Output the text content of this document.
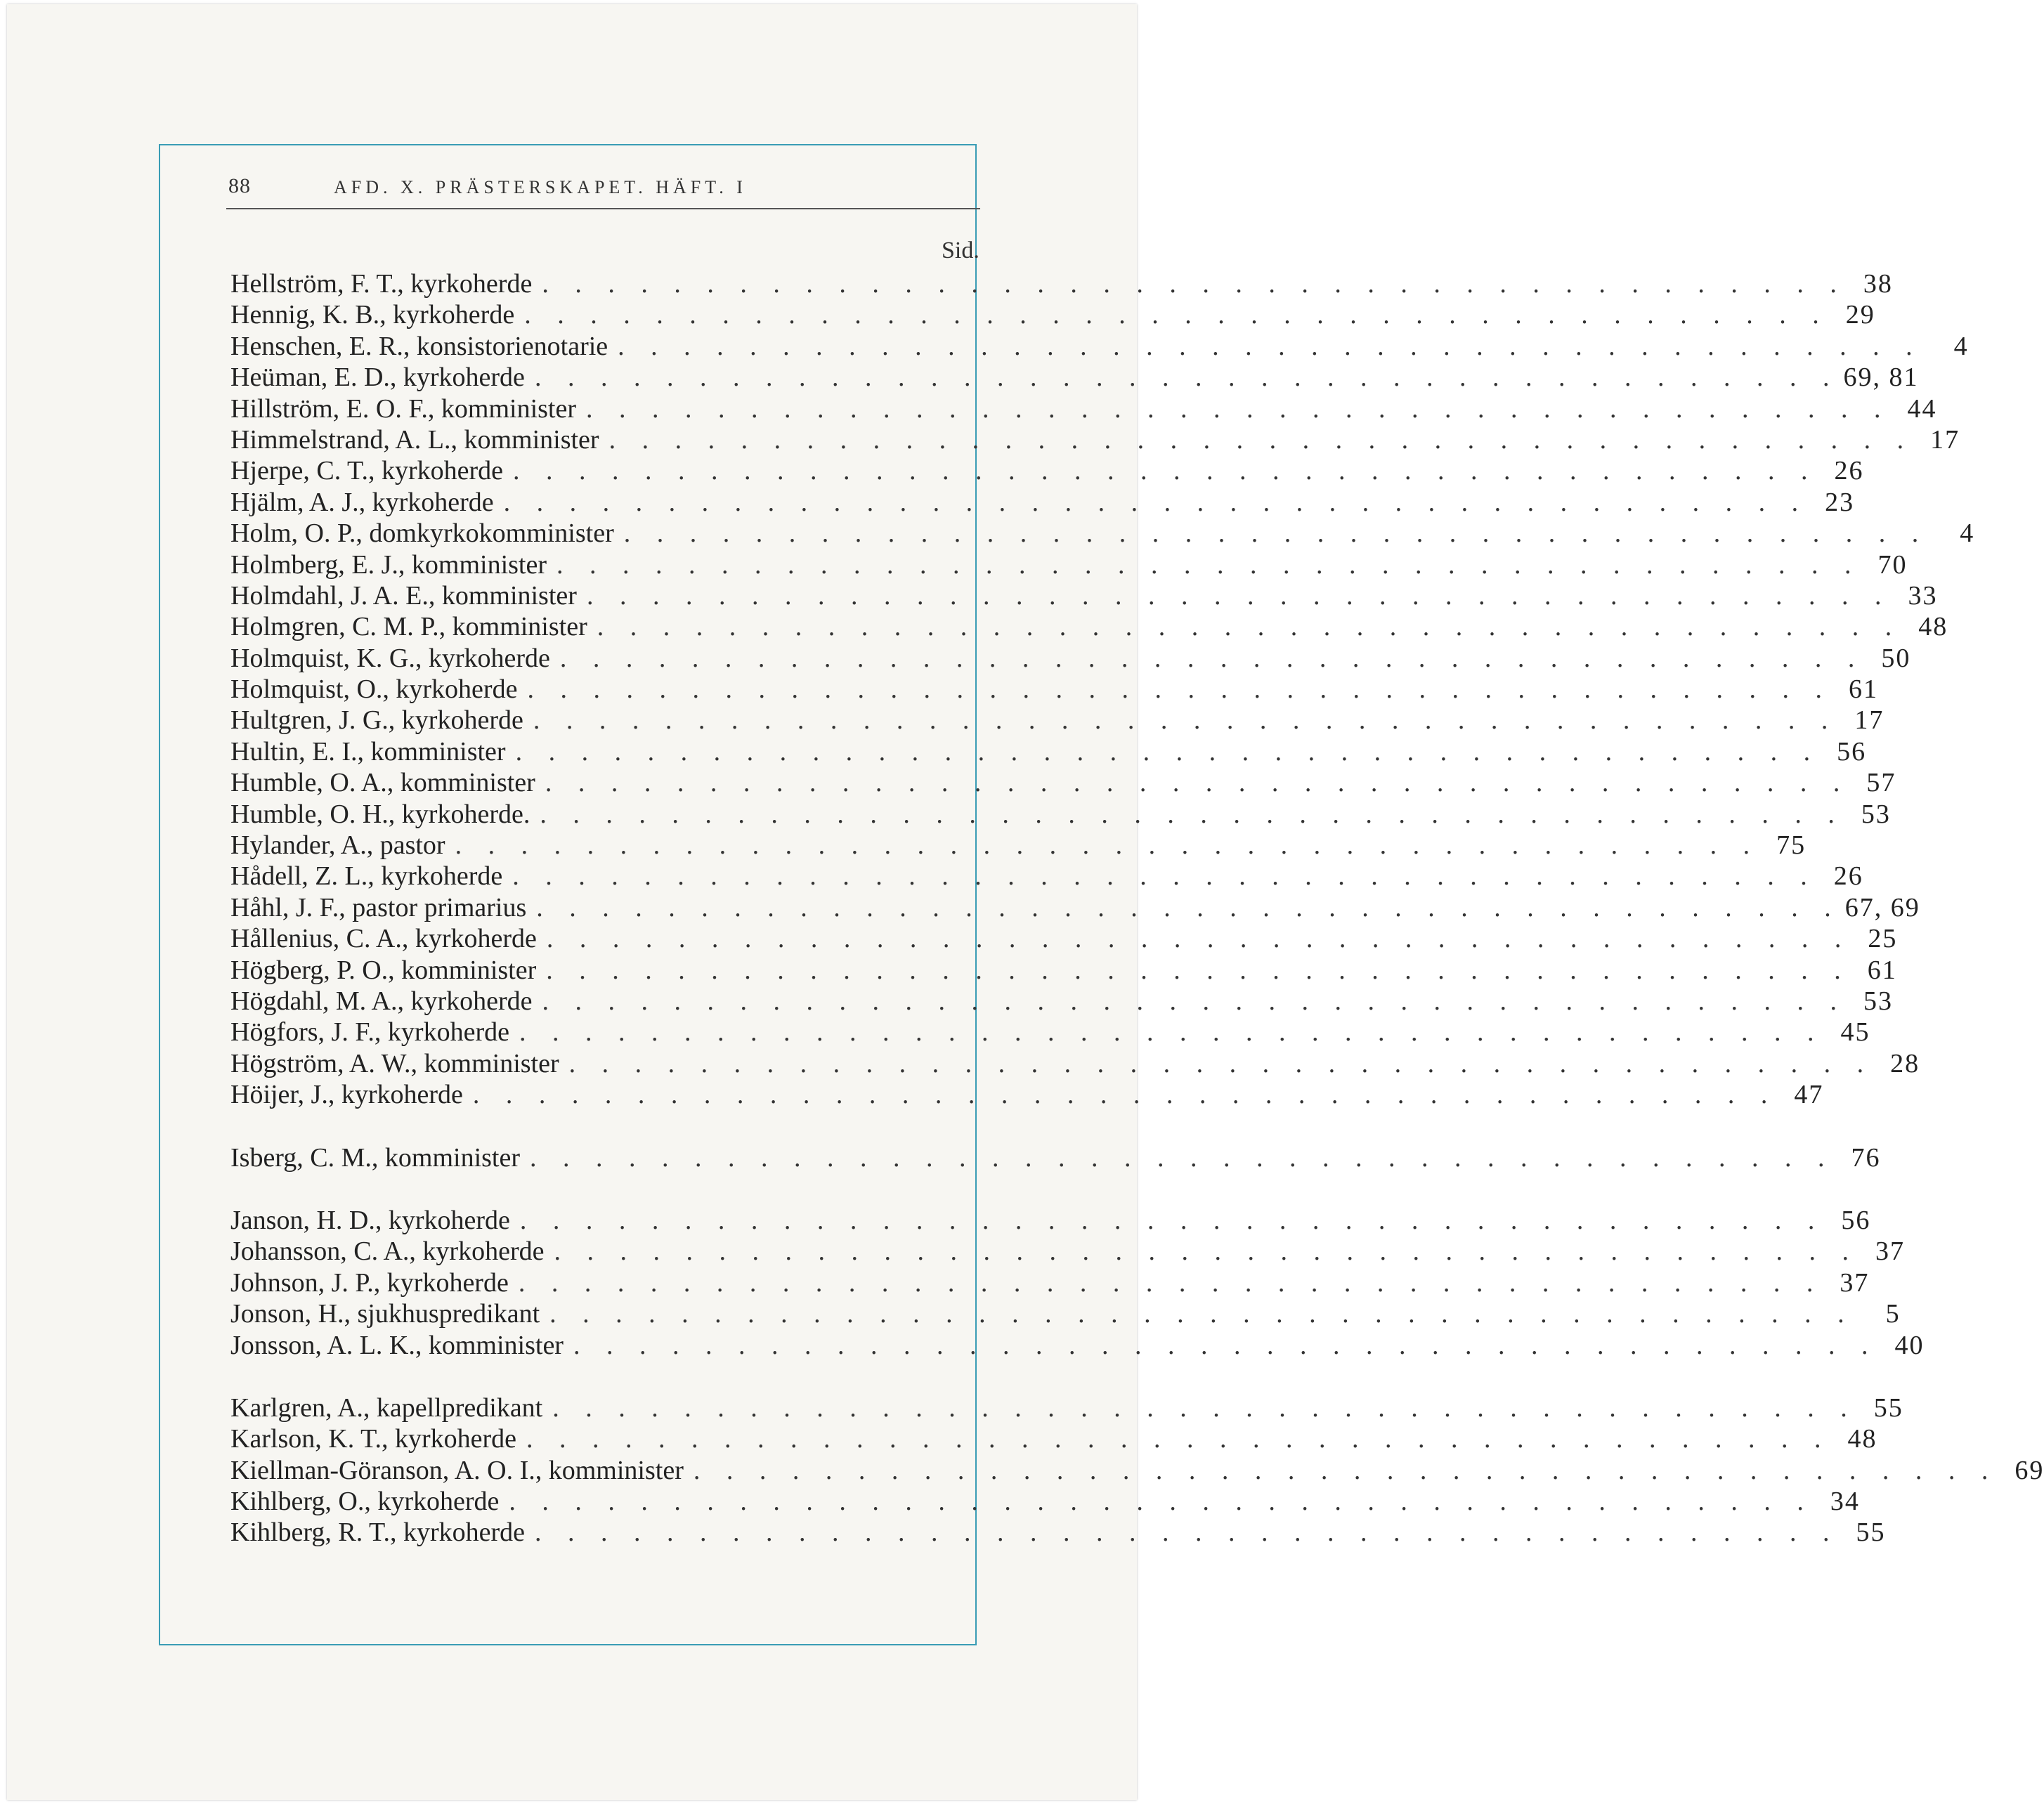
88	AFD. X. PRÄSTERSKAPET. HÄFT. I
Sid.
Hellström, F. T., kyrkoherde . . . . . . . . . . . . . . . . . . . . . . . . . . . . . . . . . . . . . . . . 38
Hennig, K. B., kyrkoherde . . . . . . . . . . . . . . . . . . . . . . . . . . . . . . . . . . . . . . . . 29
Henschen, E. R., konsistorienotarie . . . . . . . . . . . . . . . . . . . . . . . . . . . . . . . . . . . . . . . .	4
Heüman, E. D., kyrkoherde . . . . . . . . . . . . . . . . . . . . . . . . . . . . . . . . . . . . . . . . 69, 81
Hillström, E. O. F., komminister . . . . . . . . . . . . . . . . . . . . . . . . . . . . . . . . . . . . . . . . 44
Himmelstrand, A. L., komminister . . . . . . . . . . . . . . . . . . . . . . . . . . . . . . . . . . . . . . . . 17
Hjerpe, C. T., kyrkoherde . . . . . . . . . . . . . . . . . . . . . . . . . . . . . . . . . . . . . . . . 26
Hjälm, A. J., kyrkoherde . . . . . . . . . . . . . . . . . . . . . . . . . . . . . . . . . . . . . . . . 23
Holm, O. P., domkyrkokomminister . . . . . . . . . . . . . . . . . . . . . . . . . . . . . . . . . . . . . . . .	4
Holmberg, E. J., komminister . . . . . . . . . . . . . . . . . . . . . . . . . . . . . . . . . . . . . . . . 70
Holmdahl, J. A. E., komminister . . . . . . . . . . . . . . . . . . . . . . . . . . . . . . . . . . . . . . . . 33
Holmgren, C. M. P., komminister . . . . . . . . . . . . . . . . . . . . . . . . . . . . . . . . . . . . . . . . 48
Holmquist, K. G., kyrkoherde . . . . . . . . . . . . . . . . . . . . . . . . . . . . . . . . . . . . . . . . 50
Holmquist, O., kyrkoherde . . . . . . . . . . . . . . . . . . . . . . . . . . . . . . . . . . . . . . . . 61
Hultgren, J. G., kyrkoherde . . . . . . . . . . . . . . . . . . . . . . . . . . . . . . . . . . . . . . . . 17
Hultin, E. I., komminister . . . . . . . . . . . . . . . . . . . . . . . . . . . . . . . . . . . . . . . . 56
Humble, O. A., komminister . . . . . . . . . . . . . . . . . . . . . . . . . . . . . . . . . . . . . . . . 57
Humble, O. H., kyrkoherde. . . . . . . . . . . . . . . . . . . . . . . . . . . . . . . . . . . . . . . . . 53
Hylander, A., pastor . . . . . . . . . . . . . . . . . . . . . . . . . . . . . . . . . . . . . . . . 75
Hådell, Z. L., kyrkoherde . . . . . . . . . . . . . . . . . . . . . . . . . . . . . . . . . . . . . . . . 26
Håhl, J. F., pastor primarius . . . . . . . . . . . . . . . . . . . . . . . . . . . . . . . . . . . . . . . . 67, 69
Hållenius, C. A., kyrkoherde . . . . . . . . . . . . . . . . . . . . . . . . . . . . . . . . . . . . . . . . 25
Högberg, P. O., komminister . . . . . . . . . . . . . . . . . . . . . . . . . . . . . . . . . . . . . . . . 61
Högdahl, M. A., kyrkoherde . . . . . . . . . . . . . . . . . . . . . . . . . . . . . . . . . . . . . . . . 53
Högfors, J. F., kyrkoherde . . . . . . . . . . . . . . . . . . . . . . . . . . . . . . . . . . . . . . . . 45
Högström, A. W., komminister . . . . . . . . . . . . . . . . . . . . . . . . . . . . . . . . . . . . . . . . 28
Höijer, J., kyrkoherde . . . . . . . . . . . . . . . . . . . . . . . . . . . . . . . . . . . . . . . . 47
Isberg, C. M., komminister . . . . . . . . . . . . . . . . . . . . . . . . . . . . . . . . . . . . . . . . 76
Janson, H. D., kyrkoherde . . . . . . . . . . . . . . . . . . . . . . . . . . . . . . . . . . . . . . . . 56
Johansson, C. A., kyrkoherde . . . . . . . . . . . . . . . . . . . . . . . . . . . . . . . . . . . . . . . . 37
Johnson, J. P., kyrkoherde . . . . . . . . . . . . . . . . . . . . . . . . . . . . . . . . . . . . . . . . 37
Jonson, H., sjukhuspredikant . . . . . . . . . . . . . . . . . . . . . . . . . . . . . . . . . . . . . . . .	5
Jonsson, A. L. K., komminister . . . . . . . . . . . . . . . . . . . . . . . . . . . . . . . . . . . . . . . . 40
Karlgren, A., kapellpredikant . . . . . . . . . . . . . . . . . . . . . . . . . . . . . . . . . . . . . . . . 55
Karlson, K. T., kyrkoherde . . . . . . . . . . . . . . . . . . . . . . . . . . . . . . . . . . . . . . . . 48
Kiellman-Göranson, A. O. I., komminister . . . . . . . . . . . . . . . . . . . . . . . . . . . . . . . . . . . . . . . . 69
Kihlberg, O., kyrkoherde . . . . . . . . . . . . . . . . . . . . . . . . . . . . . . . . . . . . . . . . 34
Kihlberg, R. T., kyrkoherde . . . . . . . . . . . . . . . . . . . . . . . . . . . . . . . . . . . . . . . . 55
